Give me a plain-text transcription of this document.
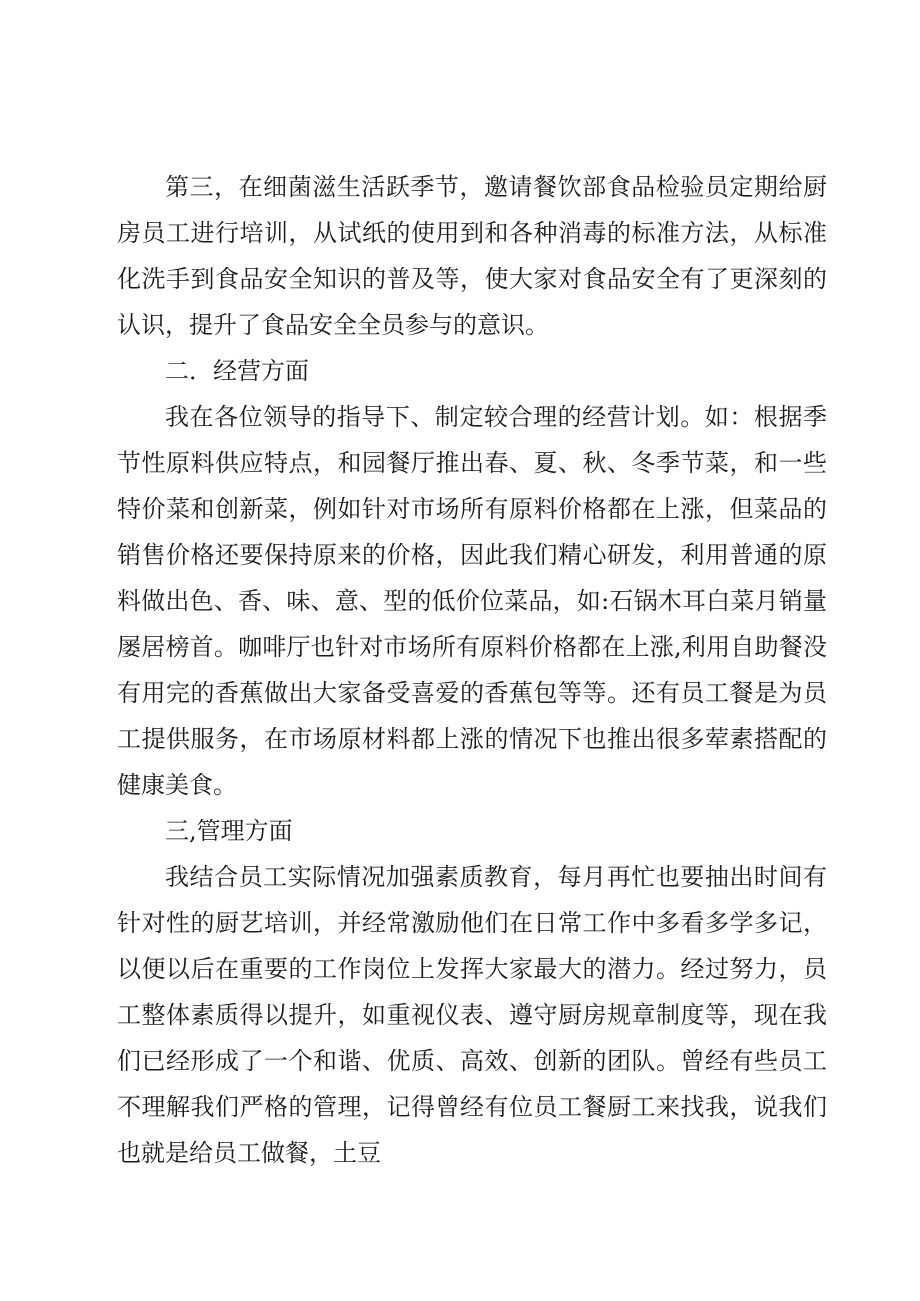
第三，在细菌滋生活跃季节，邀请餐饮部食品检验员定期给厨房员工进行培训，从试纸的使用到和各种消毒的标准方法，从标准化洗手到食品安全知识的普及等，使大家对食品安全有了更深刻的认识，提升了食品安全全员参与的意识。

二．经营方面

我在各位领导的指导下、制定较合理的经营计划。如：根据季节性原料供应特点，和园餐厅推出春、夏、秋、冬季节菜，和一些特价菜和创新菜，例如针对市场所有原料价格都在上涨，但菜品的销售价格还要保持原来的价格，因此我们精心研发，利用普通的原料做出色、香、味、意、型的低价位菜品，如:石锅木耳白菜月销量屡居榜首。咖啡厅也针对市场所有原料价格都在上涨,利用自助餐没有用完的香蕉做出大家备受喜爱的香蕉包等等。还有员工餐是为员工提供服务，在市场原材料都上涨的情况下也推出很多荤素搭配的健康美食。

三,管理方面

我结合员工实际情况加强素质教育，每月再忙也要抽出时间有针对性的厨艺培训，并经常激励他们在日常工作中多看多学多记，以便以后在重要的工作岗位上发挥大家最大的潜力。经过努力，员工整体素质得以提升，如重视仪表、遵守厨房规章制度等，现在我们已经形成了一个和谐、优质、高效、创新的团队。曾经有些员工不理解我们严格的管理，记得曾经有位员工餐厨工来找我，说我们也就是给员工做餐，土豆
